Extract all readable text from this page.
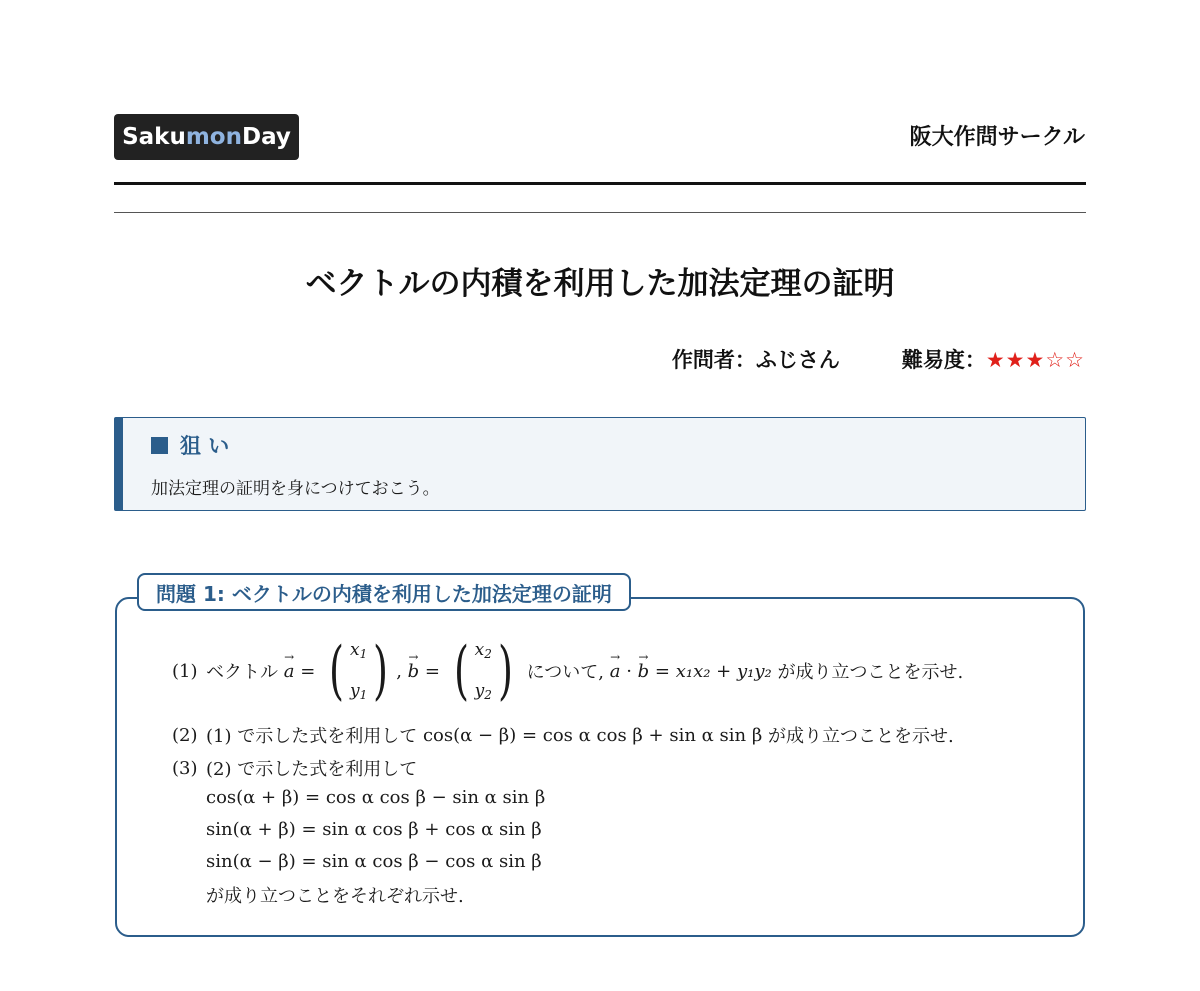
Saku mon Day	阪大作問サークル
ベクトルの内積を利用した加法定理の証明
作問者：ふじさん	難易度：★★★☆☆
狙 い
加法定理の証明を身につけておこう。
問題 1: ベクトルの内積を利用した加法定理の証明
(1) ベクトル
→ a = ( $x_1$
$y_1$ ) , → b = ( $x_2$
$y_2$ )
について,
→ a · → b
= x₁x₂ + y₁y₂
が成り立つことを示せ.
(2) (1) で示した式を利用して
cos(α − β) = cos α cos β + sin α sin β
が成り立つことを示せ.
(3) (2) で示した式を利用して
cos(α + β) = cos α cos β − sin α sin β
sin(α + β) = sin α cos β + cos α sin β
sin(α − β) = sin α cos β − cos α sin β
が成り立つことをそれぞれ示せ.
